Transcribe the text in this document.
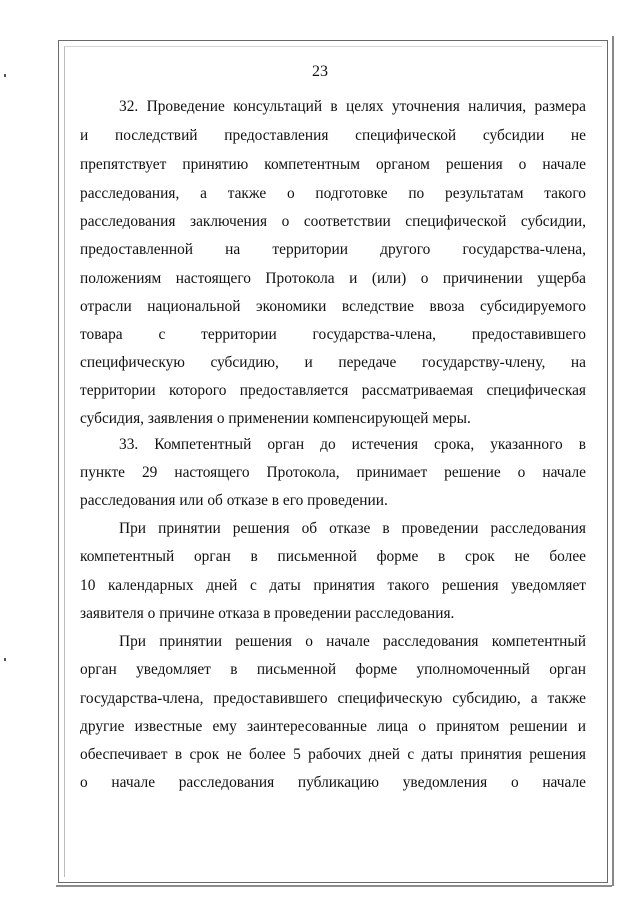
23
32. Проведение консультаций в целях уточнения наличия, размера
и последствий предоставления специфической субсидии не
препятствует принятию компетентным органом решения о начале
расследования, а также о подготовке по результатам такого
расследования заключения о соответствии специфической субсидии,
предоставленной на территории другого государства-члена,
положениям настоящего Протокола и (или) о причинении ущерба
отрасли национальной экономики вследствие ввоза субсидируемого
товара с территории государства-члена, предоставившего
специфическую субсидию, и передаче государству-члену, на
территории которого предоставляется рассматриваемая специфическая
субсидия, заявления о применении компенсирующей меры.
33. Компетентный орган до истечения срока, указанного в
пункте 29 настоящего Протокола, принимает решение о начале
расследования или об отказе в его проведении.
При принятии решения об отказе в проведении расследования
компетентный орган в письменной форме в срок не более
10 календарных дней с даты принятия такого решения уведомляет
заявителя о причине отказа в проведении расследования.
При принятии решения о начале расследования компетентный
орган уведомляет в письменной форме уполномоченный орган
государства-члена, предоставившего специфическую субсидию, а также
другие известные ему заинтересованные лица о принятом решении и
обеспечивает в срок не более 5 рабочих дней с даты принятия решения
о начале расследования публикацию уведомления о начале
